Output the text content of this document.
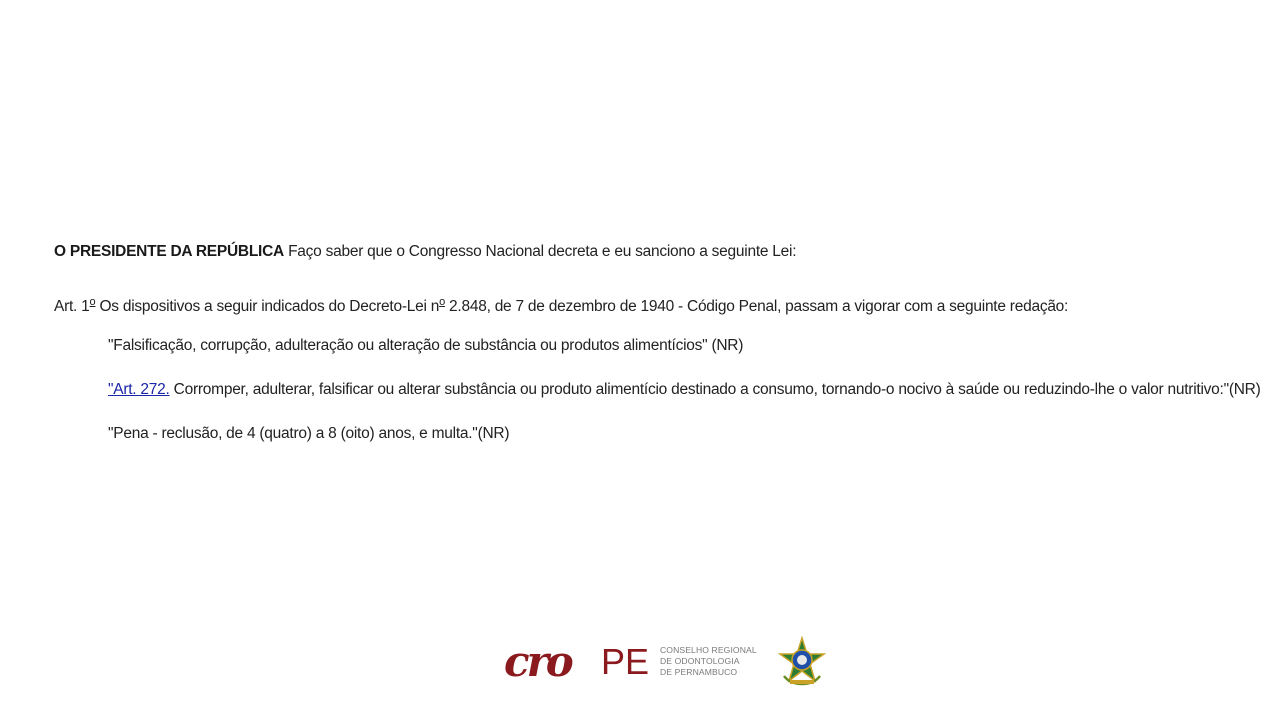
O PRESIDENTE DA REPÚBLICA Faço saber que o Congresso Nacional decreta e eu sanciono a seguinte Lei:

Art. 1$^o$ Os dispositivos a seguir indicados do Decreto-Lei $n^o$ 2.848, de 7 de dezembro de 1940 - Código Penal, passam a vigorar com a seguinte redação:

"Falsificação, corrupção, adulteração ou alteração de substância ou produtos alimentícios" (NR)

"Art. 272. Corromper, adulterar, falsificar ou alterar substância ou produto alimentício destinado a consumo, tornando-o nocivo à saúde ou reduzindo-lhe o valor nutritivo:"(NR)

"Pena - reclusão, de 4 (quatro) a 8 (oito) anos, e multa."(NR)

cro PE CONSELHO REGIONAL
DE ODONTOLOGIA
DE PERNAMBUCO
